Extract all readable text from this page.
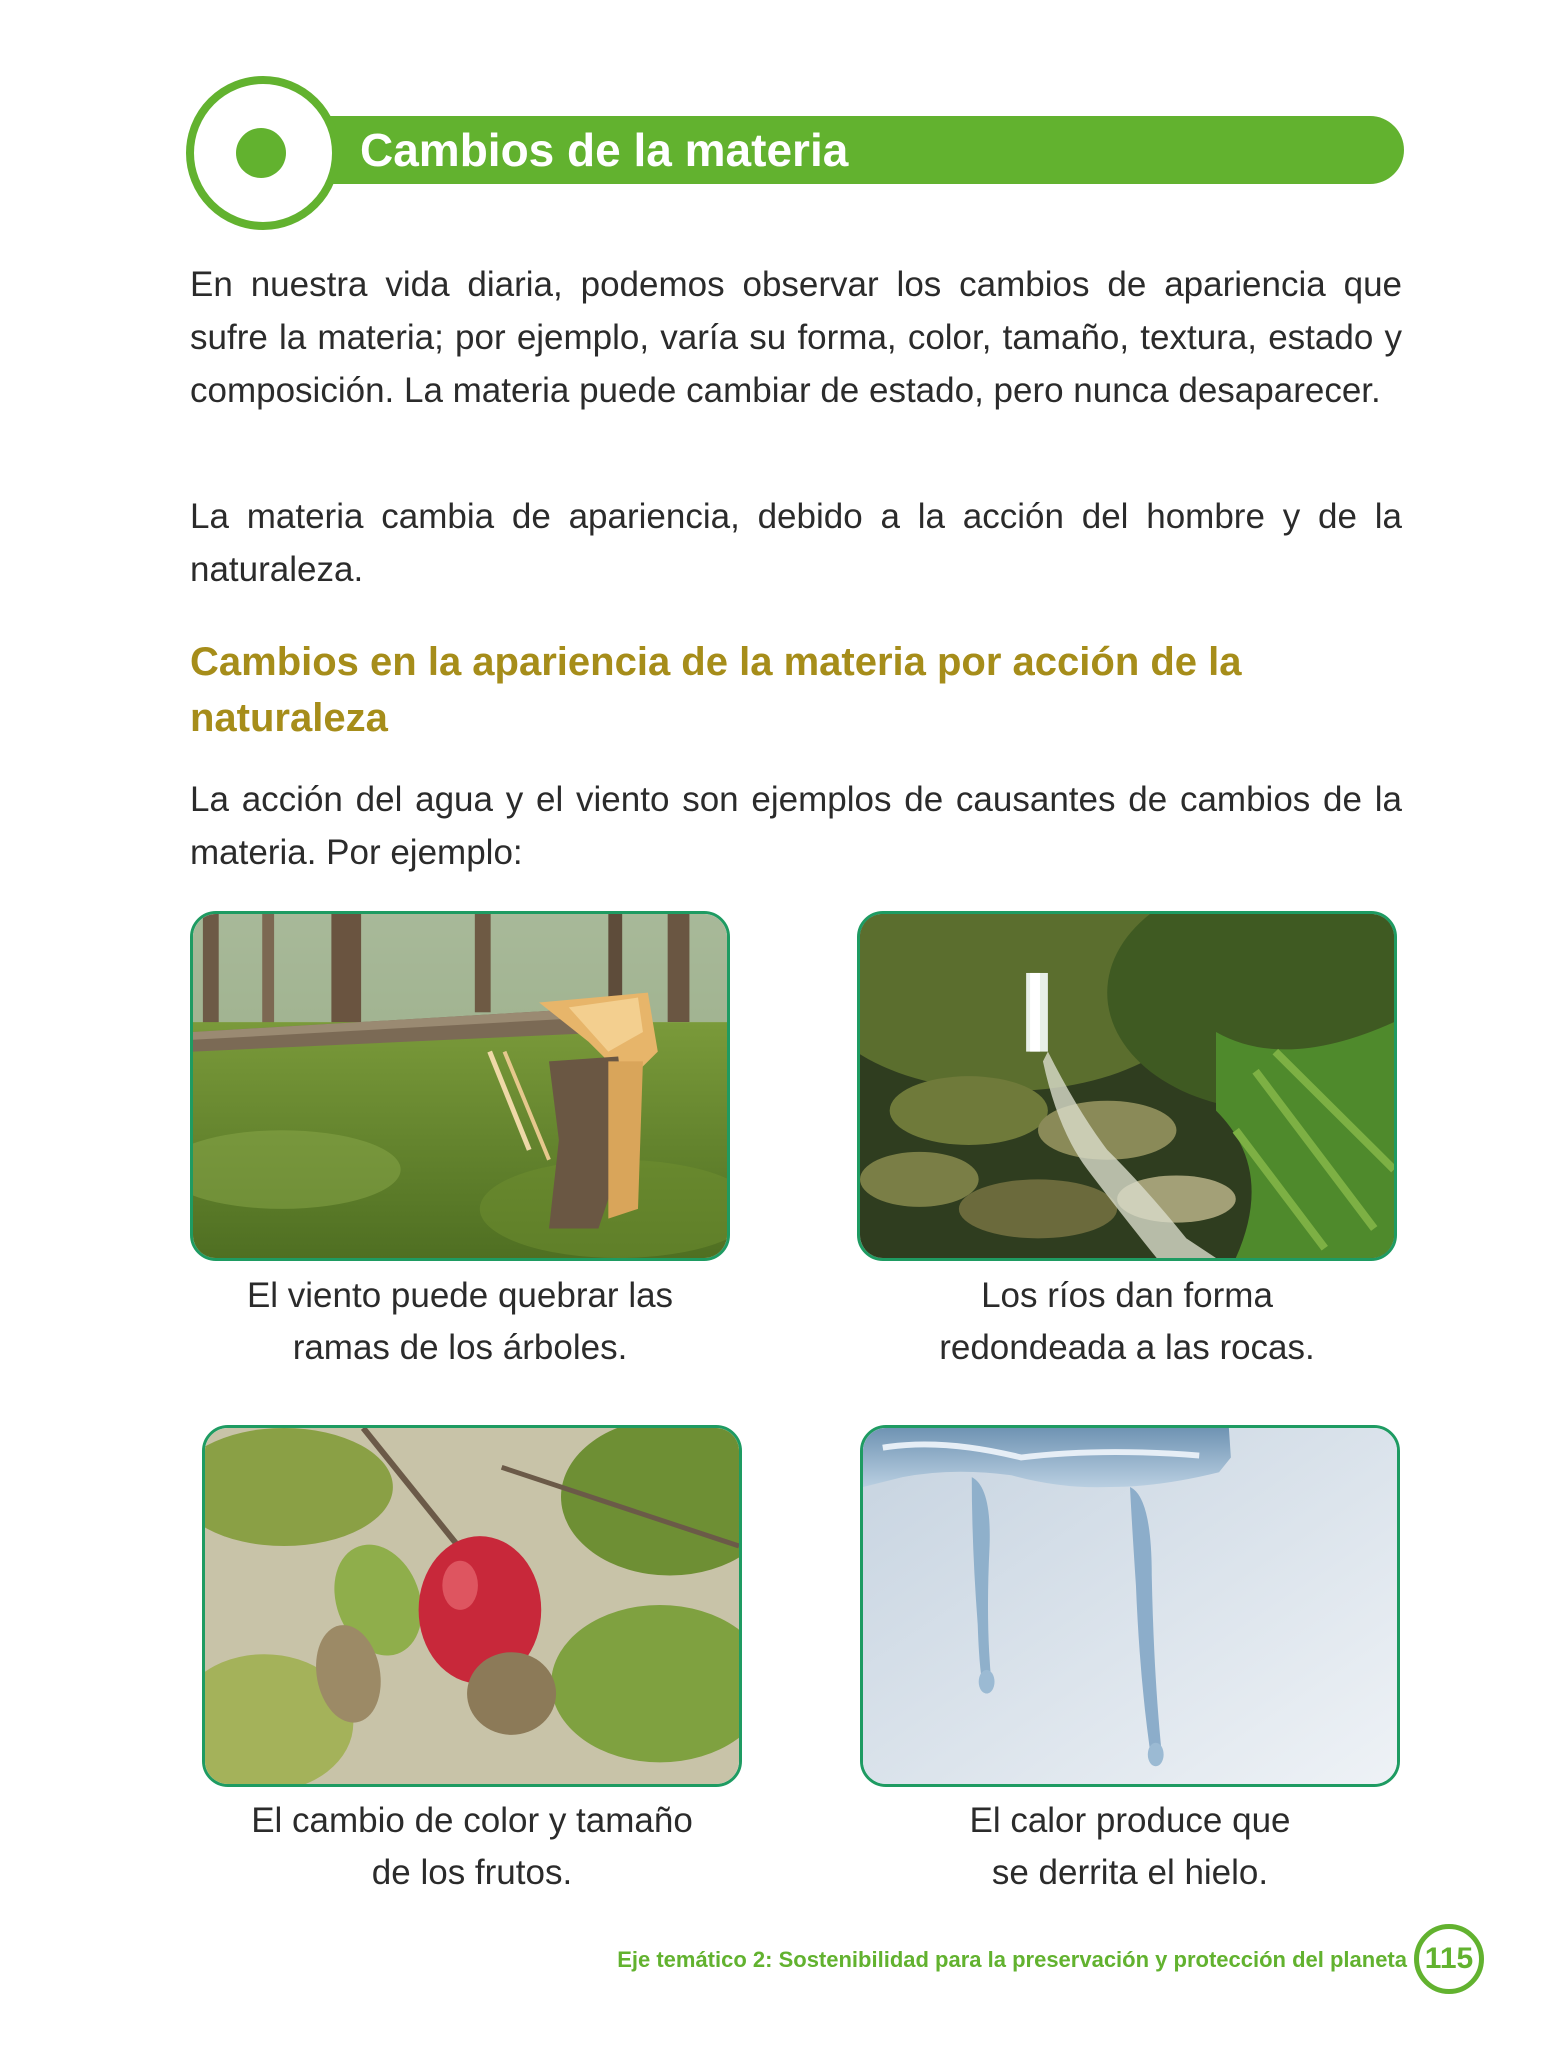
Cambios de la materia

En nuestra vida diaria, podemos observar los cambios de apariencia que sufre la materia; por ejemplo, varía su forma, color, tamaño, textura, estado y composición. La materia puede cambiar de estado, pero nunca desaparecer.

La materia cambia de apariencia, debido a la acción del hombre y de la naturaleza.

Cambios en la apariencia de la materia por acción de la naturaleza

La acción del agua y el viento son ejemplos de causantes de cambios de la materia. Por ejemplo:

El viento puede quebrar las
ramas de los árboles.
Los ríos dan forma
redondeada a las rocas.
El cambio de color y tamaño
de los frutos.
El calor produce que
se derrita el hielo.
Eje temático 2: Sostenibilidad para la preservación y protección del planeta 115
